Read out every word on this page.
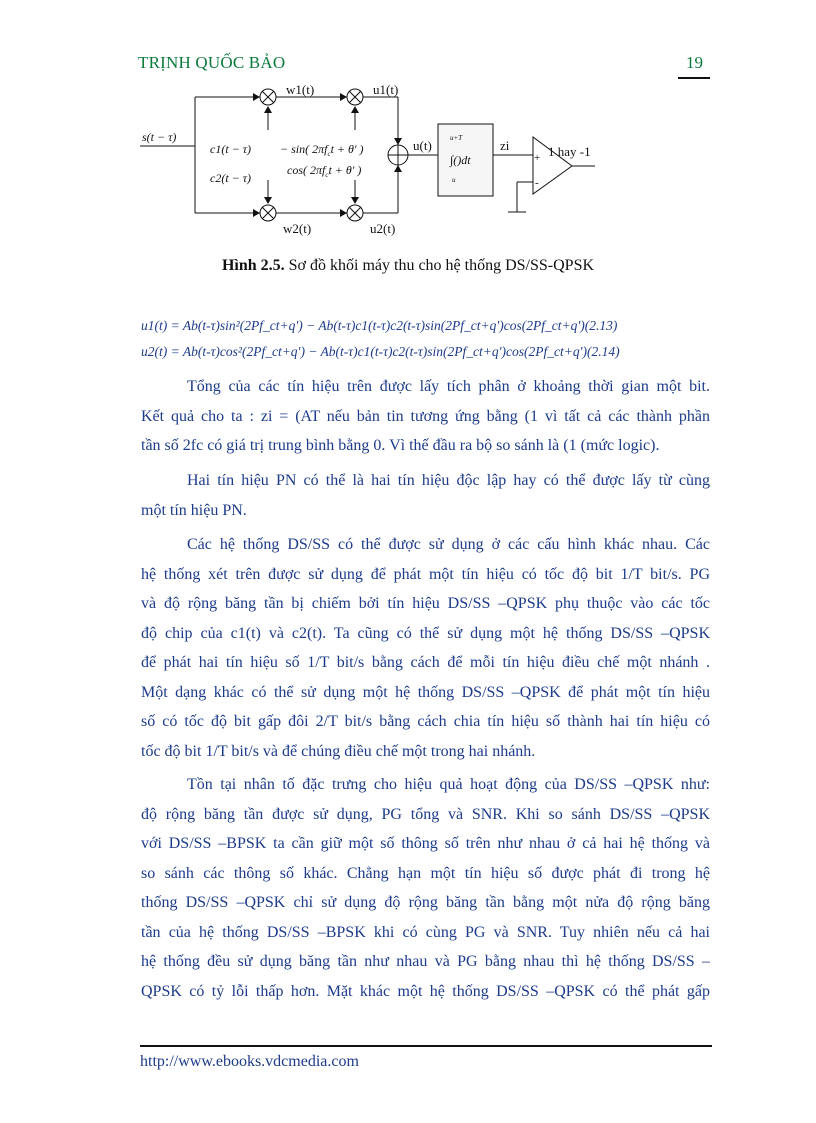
TRỊNH QUỐC BẢO	19
s(t − τ)
c1(t − τ)
c2(t − τ)
− sin( $2\pi f_ct + \theta'$ )
cos( $2\pi f_ct + \theta'$ )
w1(t)	u1(t)
w2(t)	u2(t)
u(t)	zi	1 hay -1
+
-
u+T
u
∫()dt
Hình 2.5. Sơ đồ khối máy thu cho hệ thống DS/SS-QPSK
u1(t) = Ab(t-τ)sin²(2Pf_ct+q') − Ab(t-τ)c1(t-τ)c2(t-τ)sin(2Pf_ct+q')cos(2Pf_ct+q')(2.13)
u2(t) = Ab(t-τ)cos²(2Pf_ct+q') − Ab(t-τ)c1(t-τ)c2(t-τ)sin(2Pf_ct+q')cos(2Pf_ct+q')(2.14)
Tổng của các tín hiệu trên được lấy tích phân ở khoảng thời gian một bit.
Kết quả cho ta : zi = (AT nếu bản tin tương ứng bằng (1 vì tất cả các thành phần
tần số 2fc có giá trị trung bình bằng 0. Vì thế đầu ra bộ so sánh là (1 (mức logic).
Hai tín hiệu PN có thể là hai tín hiệu độc lập hay có thể được lấy từ cùng
một tín hiệu PN.
Các hệ thống DS/SS có thể được sử dụng ở các cấu hình khác nhau. Các
hệ thống xét trên được sử dụng để phát một tín hiệu có tốc độ bit 1/T bit/s. PG
và độ rộng băng tần bị chiếm bởi tín hiệu DS/SS –QPSK phụ thuộc vào các tốc
độ chip của c1(t) và c2(t). Ta cũng có thể sử dụng một hệ thống DS/SS –QPSK
để phát hai tín hiệu số 1/T bit/s bằng cách để mỗi tín hiệu điều chế một nhánh .
Một dạng khác có thể sử dụng một hệ thống DS/SS –QPSK để phát một tín hiệu
số có tốc độ bit gấp đôi 2/T bit/s bằng cách chia tín hiệu số thành hai tín hiệu có
tốc độ bit 1/T bit/s và để chúng điều chế một trong hai nhánh.
Tồn tại nhân tố đặc trưng cho hiệu quả hoạt động của DS/SS –QPSK như:
độ rộng băng tần được sử dụng, PG tổng và SNR. Khi so sánh DS/SS –QPSK
với DS/SS –BPSK ta cần giữ một số thông số trên như nhau ở cả hai hệ thống và
so sánh các thông số khác. Chẳng hạn một tín hiệu số được phát đi trong hệ
thống DS/SS –QPSK chỉ sử dụng độ rộng băng tần bằng một nửa độ rộng băng
tần của hệ thống DS/SS –BPSK khi có cùng PG và SNR. Tuy nhiên nếu cả hai
hệ thống đều sử dụng băng tần như nhau và PG bằng nhau thì hệ thống DS/SS –
QPSK có tỷ lỗi thấp hơn. Mặt khác một hệ thống DS/SS –QPSK có thể phát gấp
http://www.ebooks.vdcmedia.com
